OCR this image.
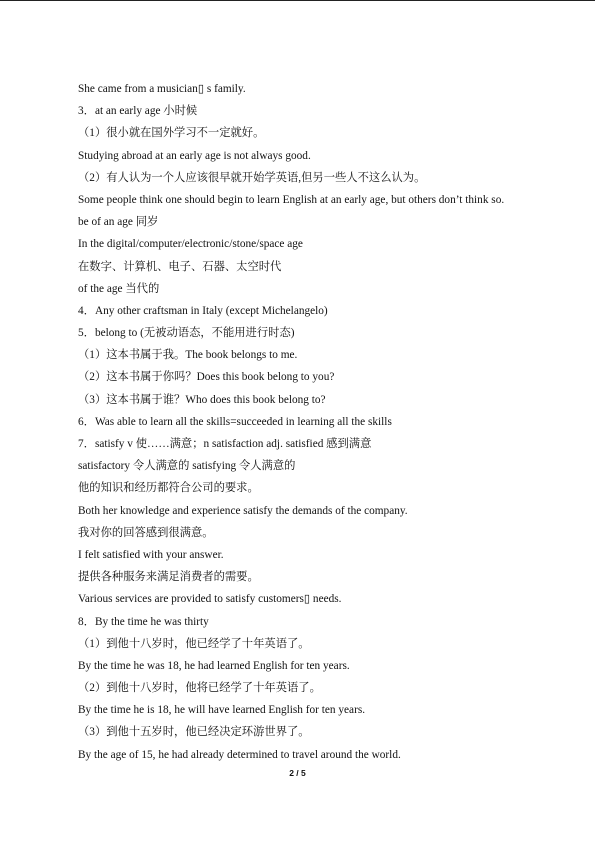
She came from a musician▯ s family.
3．at an early age 小时候
（1）很小就在国外学习不一定就好。
Studying abroad at an early age is not always good.
（2）有人认为一个人应该很早就开始学英语,但另一些人不这么认为。
Some people think one should begin to learn English at an early age, but others don’t think so.
be of an age 同岁
In the digital/computer/electronic/stone/space age
在数字、计算机、电子、石器、太空时代
of the age 当代的
4．Any other craftsman in Italy (except Michelangelo)
5．belong to (无被动语态，不能用进行时态)
（1）这本书属于我。The book belongs to me.
（2）这本书属于你吗？Does this book belong to you?
（3）这本书属于谁？Who does this book belong to?
6．Was able to learn all the skills=succeeded in learning all the skills
7．satisfy v 使……满意；n satisfaction adj. satisfied 感到满意
satisfactory 令人满意的 satisfying 令人满意的
他的知识和经历都符合公司的要求。
Both her knowledge and experience satisfy the demands of the company.
我对你的回答感到很满意。
I felt satisfied with your answer.
提供各种服务来满足消费者的需要。
Various services are provided to satisfy customers▯ needs.
8．By the time he was thirty
（1）到他十八岁时，他已经学了十年英语了。
By the time he was 18, he had learned English for ten years.
（2）到他十八岁时，他将已经学了十年英语了。
By the time he is 18, he will have learned English for ten years.
（3）到他十五岁时，他已经决定环游世界了。
By the age of 15, he had already determined to travel around the world.
2 / 5
